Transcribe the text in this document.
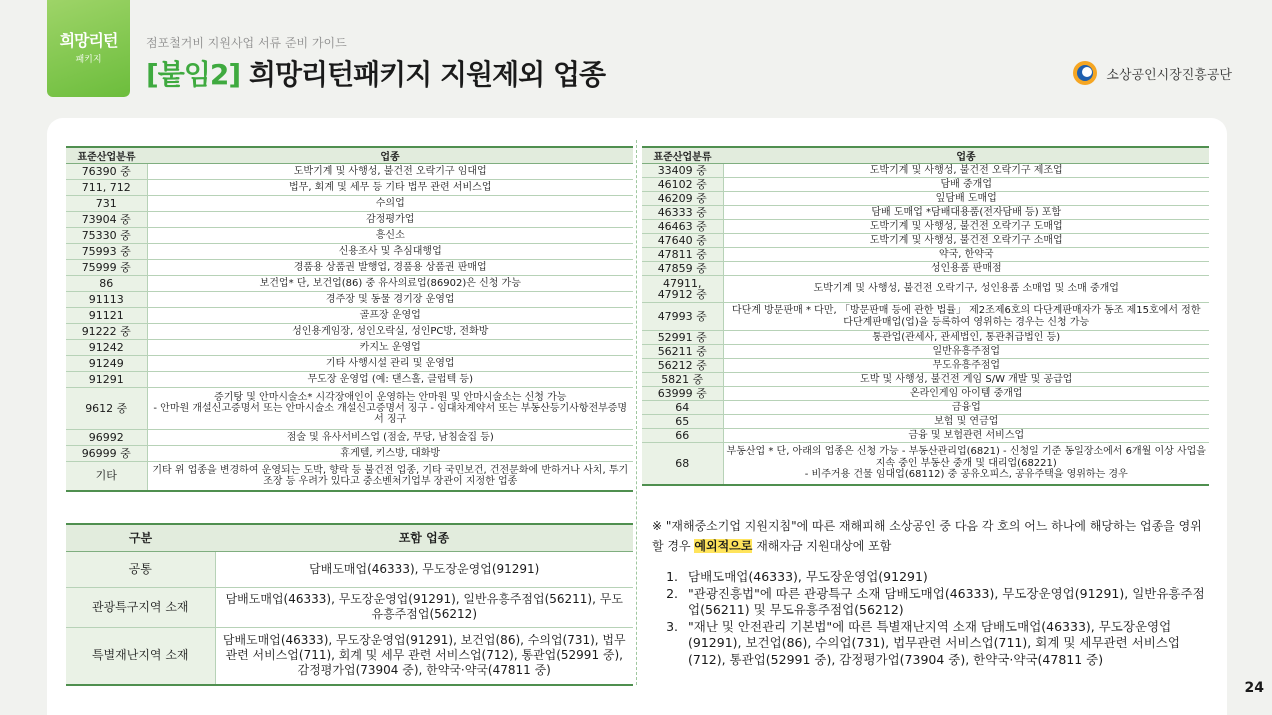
희망리턴
패키지
점포철거비 지원사업 서류 준비 가이드
[붙임2] 희망리턴패키지 지원제외 업종	소상공인시장진흥공단
표준산업분류	업종
76390 중	도박기계 및 사행성, 불건전 오락기구 임대업
711, 712	법무, 회계 및 세무 등 기타 법무 관련 서비스업
731	수의업
73904 중	감정평가업
75330 중	흥신소
75993 중	신용조사 및 추심대행업
75999 중	경품용 상품권 발행업, 경품용 상품권 판매업
86	보건업* 단, 보건업(86) 중 유사의료업(86902)은 신청 가능
91113	경주장 및 동물 경기장 운영업
91121	골프장 운영업
91222 중	성인용게임장, 성인오락실, 성인PC방, 전화방
91242	카지노 운영업
91249	기타 사행시설 관리 및 운영업
91291	무도장 운영업 (예: 댄스홀, 클럽텍 등)
9612 중	증기탕 및 안마시술소* 시각장애인이 운영하는 안마원 및 안마시술소는 신청 가능
- 안마원 개설신고증명서 또는 안마시술소 개설신고증명서 징구 - 임대차계약서 또는 부동산등기사항전부증명서 징구
96992	점술 및 유사서비스업 (점술, 무당, 남침술집 등)
96999 중	휴게텔, 키스방, 대화방
기타	기타 위 업종을 변경하여 운영되는 도박, 향락 등 불건전 업종, 기타 국민보건, 건전문화에 반하거나 사치, 투기조장 등 우려가 있다고 중소벤처기업부 장관이 지정한 업종
표준산업분류	업종
33409 중	도박기계 및 사행성, 불건전 오락기구 제조업
46102 중	담배 중개업
46209 중	잎담배 도매업
46333 중	담배 도매업 *담배대용품(전자담배 등) 포함
46463 중	도박기계 및 사행성, 불건전 오락기구 도매업
47640 중	도박기계 및 사행성, 불건전 오락기구 소매업
47811 중	약국, 한약국
47859 중	성인용품 판매점
47911,
47912 중	도박기계 및 사행성, 불건전 오락기구, 성인용품 소매업 및 소매 중개업
47993 중	다단계 방문판매 * 다만, 「방문판매 등에 관한 법률」 제2조제6호의 다단계판매자가 동조 제15호에서 정한 다단계판매업(업)을 등록하여 영위하는 경우는 신청 가능
52991 중	통관업(관세사, 관세법인, 통관취급법인 등)
56211 중	일반유흥주점업
56212 중	무도유흥주점업
5821 중	도박 및 사행성, 불건전 게임 S/W 개발 및 공급업
63999 중	온라인게임 아이템 중개업
64	금융업
65	보험 및 연금업
66	금융 및 보험관련 서비스업
68	부동산업 * 단, 아래의 업종은 신청 가능 - 부동산관리업(6821) - 신청일 기준 동일장소에서 6개월 이상 사업을 지속 중인 부동산 중개 및 대리업(68221)
- 비주거용 건물 임대업(68112) 중 공유오피스, 공유주택을 영위하는 경우
구분	포함 업종
공통	담배도매업(46333), 무도장운영업(91291)
관광특구지역 소재	담배도매업(46333), 무도장운영업(91291), 일반유흥주점업(56211), 무도유흥주점업(56212)
특별재난지역 소재	담배도매업(46333), 무도장운영업(91291), 보건업(86), 수의업(731), 법무 관련 서비스업(711), 회계 및 세무 관련 서비스업(712), 통관업(52991 중), 감정평가업(73904 중), 한약국·약국(47811 중)
※ "재해중소기업 지원지침"에 따른 재해피해 소상공인 중 다음 각 호의 어느 하나에 해당하는 업종을 영위할 경우 예외적으로 재해자금 지원대상에 포함
1. 담배도매업(46333), 무도장운영업(91291)
2. "관광진흥법"에 따른 관광특구 소재 담배도매업(46333), 무도장운영업(91291), 일반유흥주점업(56211) 및 무도유흥주점업(56212)
3. "재난 및 안전관리 기본법"에 따른 특별재난지역 소재 담배도매업(46333), 무도장운영업(91291), 보건업(86), 수의업(731), 법무관련 서비스업(711), 회계 및 세무관련 서비스업(712), 통관업(52991 중), 감정평가업(73904 중), 한약국·약국(47811 중)
24
